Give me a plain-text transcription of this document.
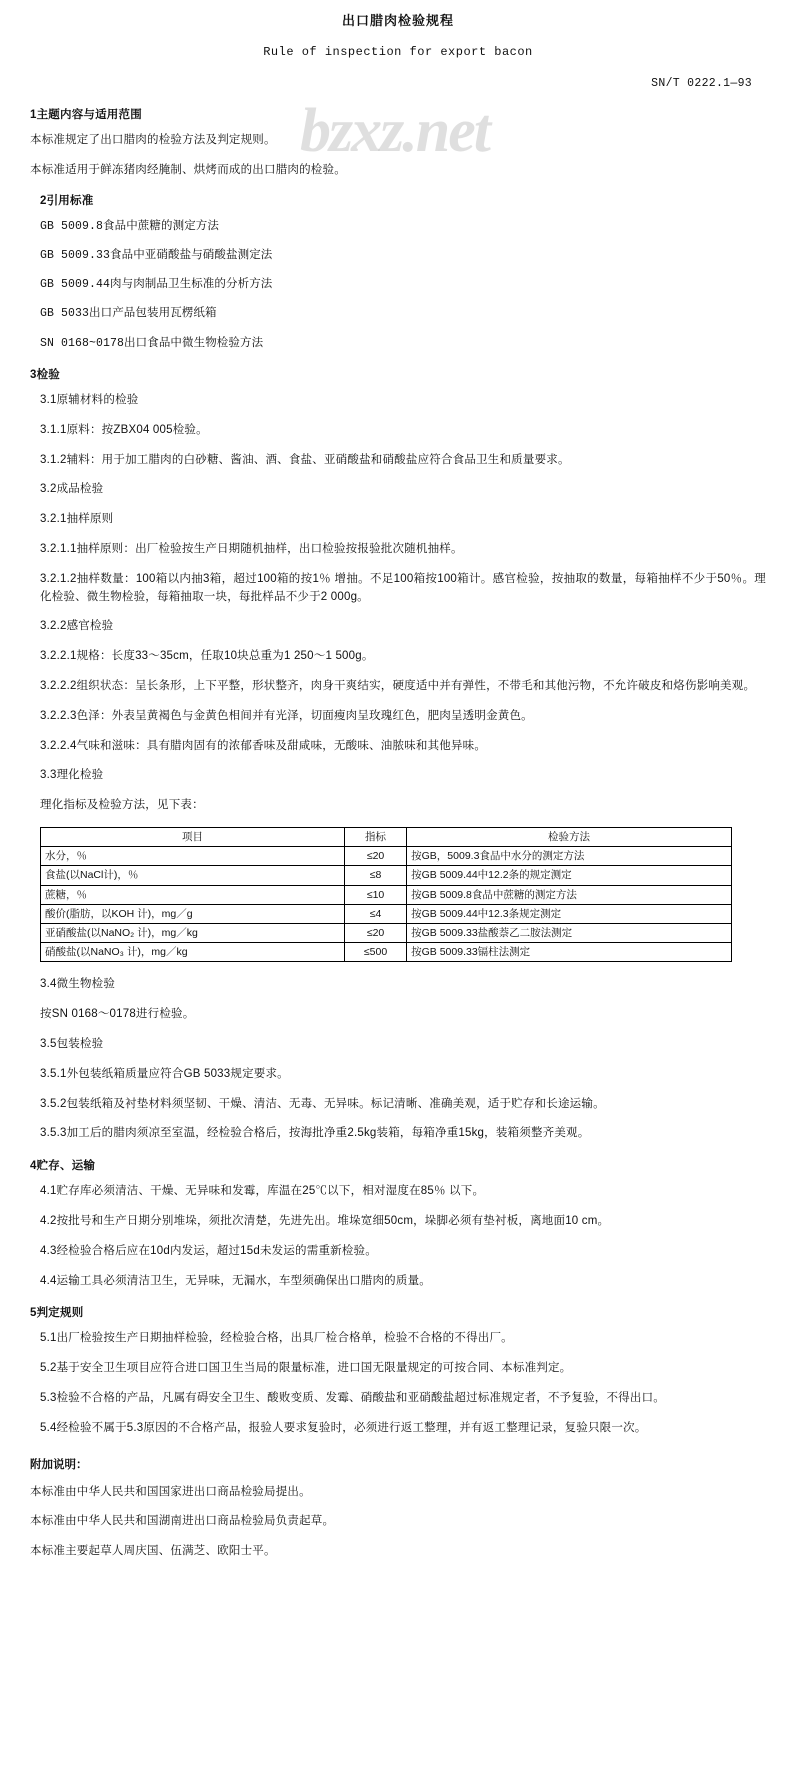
bzxz.net
出口腊肉检验规程
Rule of inspection for export bacon
SN/T 0222.1—93
1主题内容与适用范围

本标准规定了出口腊肉的检验方法及判定规则。

本标准适用于鲜冻猪肉经腌制、烘烤而成的出口腊肉的检验。

2引用标准

GB 5009.8食品中蔗糖的测定方法

GB 5009.33食品中亚硝酸盐与硝酸盐测定法

GB 5009.44肉与肉制品卫生标准的分析方法

GB 5033出口产品包装用瓦楞纸箱

SN 0168~0178出口食品中微生物检验方法

3检验

3.1原辅材料的检验

3.1.1原料：按ZBX04 005检验。

3.1.2辅料：用于加工腊肉的白砂糖、酱油、酒、食盐、亚硝酸盐和硝酸盐应符合食品卫生和质量要求。

3.2成品检验

3.2.1抽样原则

3.2.1.1抽样原则：出厂检验按生产日期随机抽样，出口检验按报验批次随机抽样。

3.2.1.2抽样数量：100箱以内抽3箱，超过100箱的按1％ 增抽。不足100箱按100箱计。感官检验，按抽取的数量，每箱抽样不少于50％。理化检验、微生物检验，每箱抽取一块，每批样品不少于2 000g。

3.2.2感官检验

3.2.2.1规格：长度33～35cm，任取10块总重为1 250～1 500g。

3.2.2.2组织状态：呈长条形，上下平整，形状整齐，肉身干爽结实，硬度适中并有弹性，不带毛和其他污物，不允许破皮和烙伤影响美观。

3.2.2.3色泽：外表呈黄褐色与金黄色相间并有光泽，切面瘦肉呈玫瑰红色，肥肉呈透明金黄色。

3.2.2.4气味和滋味：具有腊肉固有的浓郁香味及甜咸味，无酸味、油脓味和其他异味。

3.3理化检验

理化指标及检验方法，见下表：

项目	指标	检验方法
水分，％	≤20	按GB，5009.3食品中水分的测定方法
食盐(以NaCl计)，％	≤8	按GB 5009.44中12.2条的规定测定
蔗糖，％	≤10	按GB 5009.8食品中蔗糖的测定方法
酸价(脂肪，以KOH 计)，mg／g	≤4	按GB 5009.44中12.3条规定测定
亚硝酸盐(以NaNO₂ 计)，mg／kg	≤20	按GB 5009.33盐酸萘乙二胺法测定
硝酸盐(以NaNO₃ 计)，mg／kg	≤500	按GB 5009.33镉柱法测定

3.4微生物检验

按SN 0168～0178进行检验。

3.5包装检验

3.5.1外包装纸箱质量应符合GB 5033规定要求。

3.5.2包装纸箱及衬垫材料须坚韧、干燥、清洁、无毒、无异味。标记清晰、准确美观，适于贮存和长途运输。

3.5.3加工后的腊肉须凉至室温，经检验合格后，按海批净重2.5kg装箱，每箱净重15kg，装箱须整齐美观。

4贮存、运输

4.1贮存库必须清洁、干燥、无异味和发霉，库温在25℃以下，相对湿度在85％ 以下。

4.2按批号和生产日期分别堆垛，须批次清楚，先进先出。堆垛宽细50cm，垛脚必须有垫衬板，离地面10 cm。

4.3经检验合格后应在10d内发运，超过15d未发运的需重新检验。

4.4运输工具必须清洁卫生，无异味，无漏水，车型须确保出口腊肉的质量。

5判定规则

5.1出厂检验按生产日期抽样检验，经检验合格，出具厂检合格单，检验不合格的不得出厂。

5.2基于安全卫生项目应符合进口国卫生当局的限量标准，进口国无限量规定的可按合同、本标准判定。

5.3检验不合格的产品，凡属有碍安全卫生、酸败变质、发霉、硝酸盐和亚硝酸盐超过标准规定者，不予复验，不得出口。

5.4经检验不属于5.3原因的不合格产品，报验人要求复验时，必须进行返工整理，并有返工整理记录，复验只限一次。

附加说明：

本标准由中华人民共和国国家进出口商品检验局提出。

本标准由中华人民共和国湖南进出口商品检验局负责起草。

本标准主要起草人周庆国、伍满芝、欧阳士平。
